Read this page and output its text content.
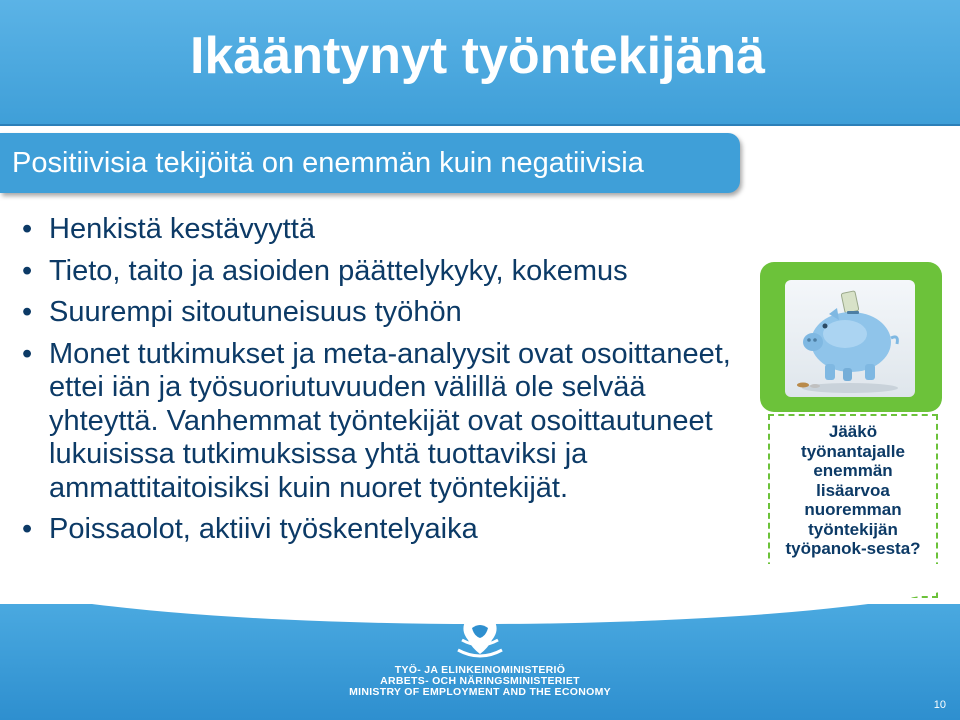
Ikääntynyt työntekijänä
Positiivisia tekijöitä on enemmän kuin negatiivisia
• Henkistä kestävyyttä
• Tieto, taito ja asioiden päättelykyky, kokemus
• Suurempi sitoutuneisuus työhön
• Monet tutkimukset ja meta-analyysit ovat osoittaneet, ettei iän ja työsuoriutuvuuden välillä ole selvää yhteyttä. Vanhemmat työntekijät ovat osoittautuneet lukuisissa tutkimuksissa yhtä tuottaviksi ja ammattitaitoisiksi kuin nuoret työntekijät.
• Poissaolot, aktiivi työskentelyaika
Jääkö työnantajalle enemmän lisäarvoa nuoremman työntekijän työpanok-sesta?
TYÖ- JA ELINKEINOMINISTERIÖ
ARBETS- OCH NÄRINGSMINISTERIET
MINISTRY OF EMPLOYMENT AND THE ECONOMY
10
